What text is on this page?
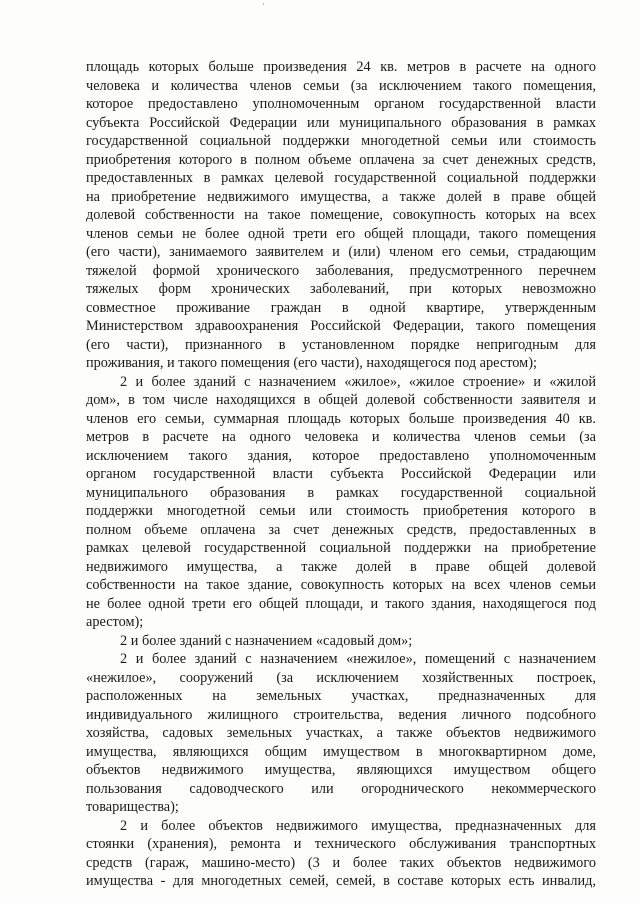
·
площадь которых больше произведения 24 кв. метров в расчете на одного
человека и количества членов семьи (за исключением такого помещения,
которое предоставлено уполномоченным органом государственной власти
субъекта Российской Федерации или муниципального образования в рамках
государственной социальной поддержки многодетной семьи или стоимость
приобретения которого в полном объеме оплачена за счет денежных средств,
предоставленных в рамках целевой государственной социальной поддержки
на приобретение недвижимого имущества, а также долей в праве общей
долевой собственности на такое помещение, совокупность которых на всех
членов семьи не более одной трети его общей площади, такого помещения
(его части), занимаемого заявителем и (или) членом его семьи, страдающим
тяжелой формой хронического заболевания, предусмотренного перечнем
тяжелых форм хронических заболеваний, при которых невозможно
совместное проживание граждан в одной квартире, утвержденным
Министерством здравоохранения Российской Федерации, такого помещения
(его части), признанного в установленном порядке непригодным для
проживания, и такого помещения (его части), находящегося под арестом);
2 и более зданий с назначением «жилое», «жилое строение» и «жилой
дом», в том числе находящихся в общей долевой собственности заявителя и
членов его семьи, суммарная площадь которых больше произведения 40 кв.
метров в расчете на одного человека и количества членов семьи (за
исключением такого здания, которое предоставлено уполномоченным
органом государственной власти субъекта Российской Федерации или
муниципального образования в рамках государственной социальной
поддержки многодетной семьи или стоимость приобретения которого в
полном объеме оплачена за счет денежных средств, предоставленных в
рамках целевой государственной социальной поддержки на приобретение
недвижимого имущества, а также долей в праве общей долевой
собственности на такое здание, совокупность которых на всех членов семьи
не более одной трети его общей площади, и такого здания, находящегося под
арестом);
2 и более зданий с назначением «садовый дом»;
2 и более зданий с назначением «нежилое», помещений с назначением
«нежилое», сооружений (за исключением хозяйственных построек,
расположенных на земельных участках, предназначенных для
индивидуального жилищного строительства, ведения личного подсобного
хозяйства, садовых земельных участках, а также объектов недвижимого
имущества, являющихся общим имуществом в многоквартирном доме,
объектов недвижимого имущества, являющихся имуществом общего
пользования садоводческого или огороднического некоммерческого
товарищества);
2 и более объектов недвижимого имущества, предназначенных для
стоянки (хранения), ремонта и технического обслуживания транспортных
средств (гараж, машино-место) (3 и более таких объектов недвижимого
имущества - для многодетных семей, семей, в составе которых есть инвалид,
